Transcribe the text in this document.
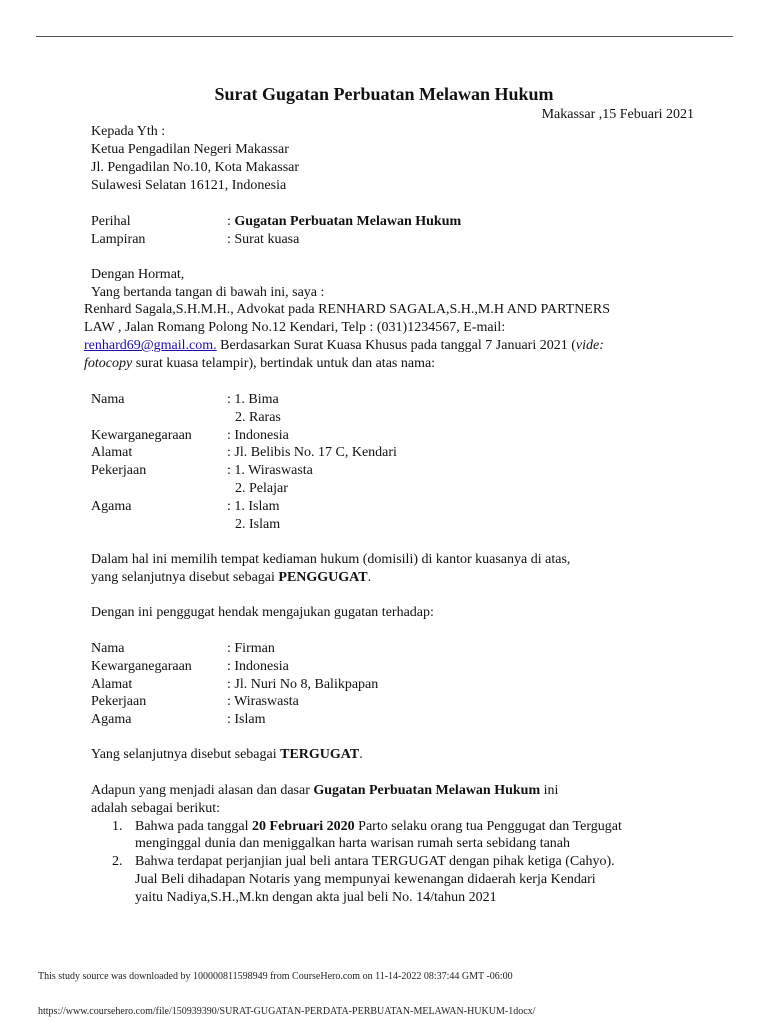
Surat Gugatan Perbuatan Melawan Hukum
Makassar ,15 Febuari 2021
Kepada Yth :
Ketua Pengadilan Negeri Makassar
Jl. Pengadilan No.10, Kota Makassar
Sulawesi Selatan 16121, Indonesia
Perihal	: Gugatan Perbuatan Melawan Hukum
Lampiran	: Surat kuasa
Dengan Hormat,
Yang bertanda tangan di bawah ini, saya :
Renhard Sagala,S.H.M.H., Advokat pada RENHARD SAGALA,S.H.,M.H AND PARTNERS
LAW , Jalan Romang Polong No.12 Kendari, Telp : (031)1234567, E-mail:
renhard69@gmail.com. Berdasarkan Surat Kuasa Khusus pada tanggal 7 Januari 2021 (vide:
fotocopy surat kuasa telampir), bertindak untuk dan atas nama:
Nama	: 1. Bima
2. Raras
Kewarganegaraan	: Indonesia
Alamat	: Jl. Belibis No. 17 C, Kendari
Pekerjaan	: 1. Wiraswasta
2. Pelajar
Agama	: 1. Islam
2. Islam
Dalam hal ini memilih tempat kediaman hukum (domisili) di kantor kuasanya di atas,
yang selanjutnya disebut sebagai PENGGUGAT.
Dengan ini penggugat hendak mengajukan gugatan terhadap:
Nama	: Firman
Kewarganegaraan	: Indonesia
Alamat	: Jl. Nuri No 8, Balikpapan
Pekerjaan	: Wiraswasta
Agama	: Islam
Yang selanjutnya disebut sebagai TERGUGAT.
Adapun yang menjadi alasan dan dasar Gugatan Perbuatan Melawan Hukum ini
adalah sebagai berikut:
1. Bahwa pada tanggal 20 Februari 2020 Parto selaku orang tua Penggugat dan Tergugat
menginggal dunia dan meniggalkan harta warisan rumah serta sebidang tanah
2. Bahwa terdapat perjanjian jual beli antara TERGUGAT dengan pihak ketiga (Cahyo).
Jual Beli dihadapan Notaris yang mempunyai kewenangan didaerah kerja Kendari
yaitu Nadiya,S.H.,M.kn dengan akta jual beli No. 14/tahun 2021
This study source was downloaded by 100000811598949 from CourseHero.com on 11-14-2022 08:37:44 GMT -06:00
https://www.coursehero.com/file/150939390/SURAT-GUGATAN-PERDATA-PERBUATAN-MELAWAN-HUKUM-1docx/
